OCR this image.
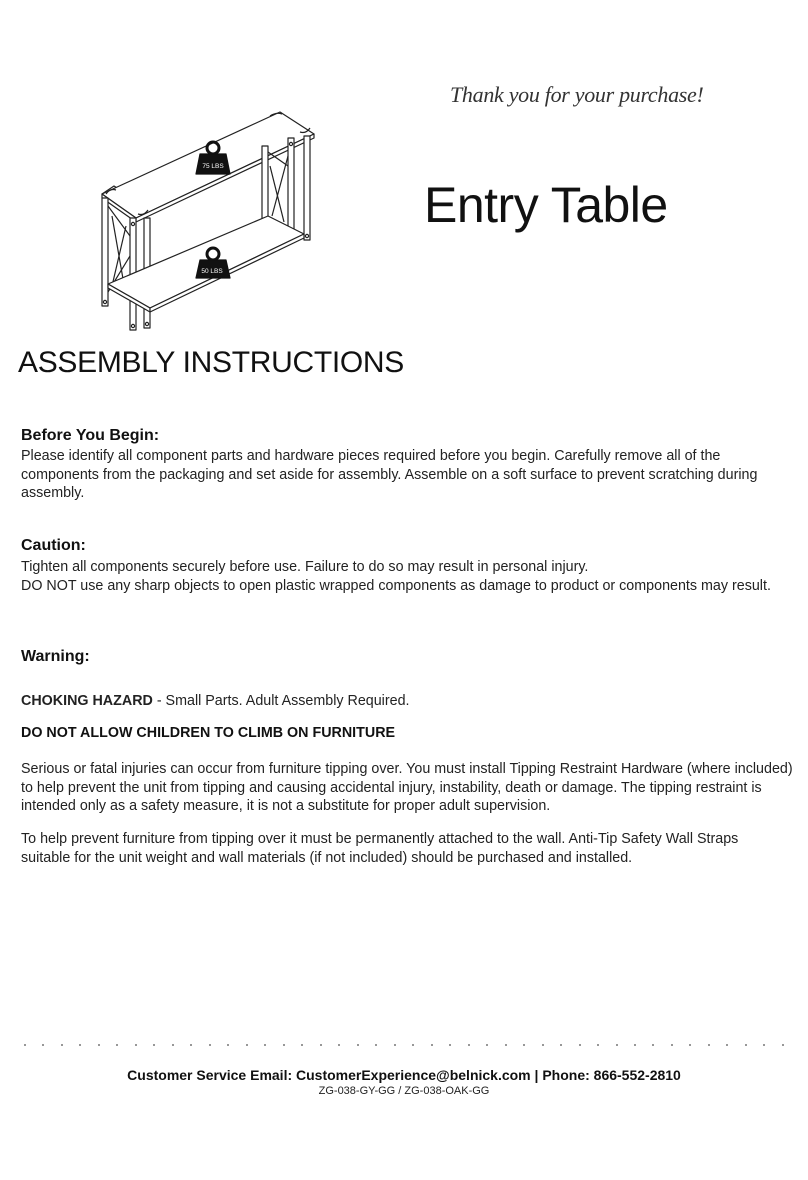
Thank you for your purchase!
Entry Table
75 LBS
50 LBS
ASSEMBLY INSTRUCTIONS
Before You Begin:
Please identify all component parts and hardware pieces required before you begin. Carefully remove all of the components from the packaging and set aside for assembly. Assemble on a soft surface to prevent scratching during assembly.
Caution:
Tighten all components securely before use. Failure to do so may result in personal injury.
DO NOT use any sharp objects to open plastic wrapped components as damage to product or components may result.
Warning:
CHOKING HAZARD - Small Parts. Adult Assembly Required.
DO NOT ALLOW CHILDREN TO CLIMB ON FURNITURE
Serious or fatal injuries can occur from furniture tipping over. You must install Tipping Restraint Hardware (where included) to help prevent the unit from tipping and causing accidental injury, instability, death or damage. The tipping restraint is intended only as a safety measure, it is not a substitute for proper adult supervision.
To help prevent furniture from tipping over it must be permanently attached to the wall. Anti-Tip Safety Wall Straps suitable for the unit weight and wall materials (if not included) should be purchased and installed.
Customer Service Email: CustomerExperience@belnick.com | Phone: 866-552-2810
ZG-038-GY-GG / ZG-038-OAK-GG
